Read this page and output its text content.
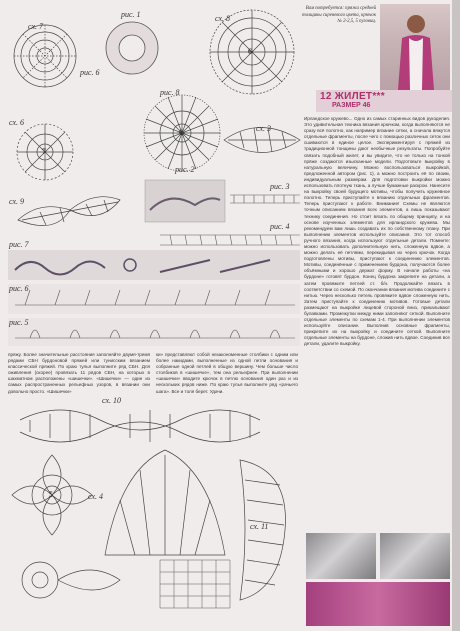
сх. 7
рис. 1	сх. 8
рис. 6
рис. 8
сх. 6
сх. 3
сх. 9
рис. 2
рис. 3
рис. 4
рис. 7
рис. 6
рис. 5
сх. 10
сх. 4
сх. 11
6
6
7
5
Вам потребуется: пряжа средней толщины сиреневого цвета, крючок № 2-2,5, 5 пуговиц.
12 ЖИЛЕТ***
РАЗМЕР 46
Ирландское кружево... Одно из самых старинных видов рукоделия. Это удивительная техника вязания крючком, когда выполняются не сразу всё полотно, как например вязание сетки, а сначала вяжутся отдельные фрагменты, после чего с помощью различных сеток они сшиваются в единое целое. Экспериментируя с пряжей из традиционной тонщины дают необычные результаты. Попробуйте связать подобный жилет, и вы увидите, что не только на тонкой пряже создаются изысканные модели. Подготовьте выкройку в натуральную величину. Можно воспользоваться выкройкой, предложенной автором (рис. 1), а можно построить её по своим, индивидуальным размерам. Для подготовки выкройки можно использовать плотную ткань, а лучше бумажные раскрои. Нанесите на выкройку своей будущего мотивы, чтобы получить кружевное полотно. Теперь приступайте к вязанию отдельных фрагментов. Теперь приступают к работе. Внимание! Схемы не являются точным описанием вязания всех элементов, а лишь показывают технику соединения. Но стоит вязать по общему принципу, и на основе изученных элементов для ирландского кружева. Мы рекомендуем вам лишь создавать их по собственному плану. При выполнении элементов используйте описания. Это тот способ ручного вязания, когда используют отдельные детали. Помните: можно использовать дополнительную нить, сложенную вдвое, а можно делать её петлями, перекидывая их через крючок. Когда подготовлены мотивы, приступают к соединению элементов. Мотивы, соединённые с применением бурдона, получаются более объёмными и хорошо держат форму. В начале работы «на бурдоне» готовят бурдон. Конец бурдона закрепите на детали, а затем провяжите петлей ст. б/н. Продолжайте вязать в соответствии со схемой. По окончании вязания мотива соедините с нитью. Через несколько петель провяжите вдвое сложенную нить. Затем приступайте к соединению мотивов. Готовые детали размещают на выкройке лицевой стороной вниз, прикалывают булавками. Промежутки между ними заполняют сеткой. Выполните отдельные элементы по схемам 1-4. При выполнении элементов используйте описание. Выполнив основные фрагменты, прикрепите их на выкройку и соедините сеткой. Выполните отдельные элементы на бурдоне, сложив нить вдвое. Соединив все детали, удалите выкройку.
пряжу. Более значительные расстояния заполняйте двумя-тремя рядами СБН бурдоновой пряжей или тунисским вязанием классической пряжей. По краю тулья выполните ряд СБН. Для оживления (скорее) провязать 11 рядов СБН, на которых в шахматном расположены «шишечки». «Шишечки» — один из самых распространенных рельефных узоров, в вязании они довольно просто. «Шишечки»
ки» представляют собой незакономенные столбики с одним или более накидами, выполненные из одной петли основания и собранные одной петлей в общую вершину. Чем больше число столбиков в «шишечке», тем она рельефнее. При выполнении «шишечки» вводите крючок в петлю основания один раз и из нескольких рядов ниже. По краю тулья выполните ряд «рачьего шага». Все и толя берет. Удачи.
